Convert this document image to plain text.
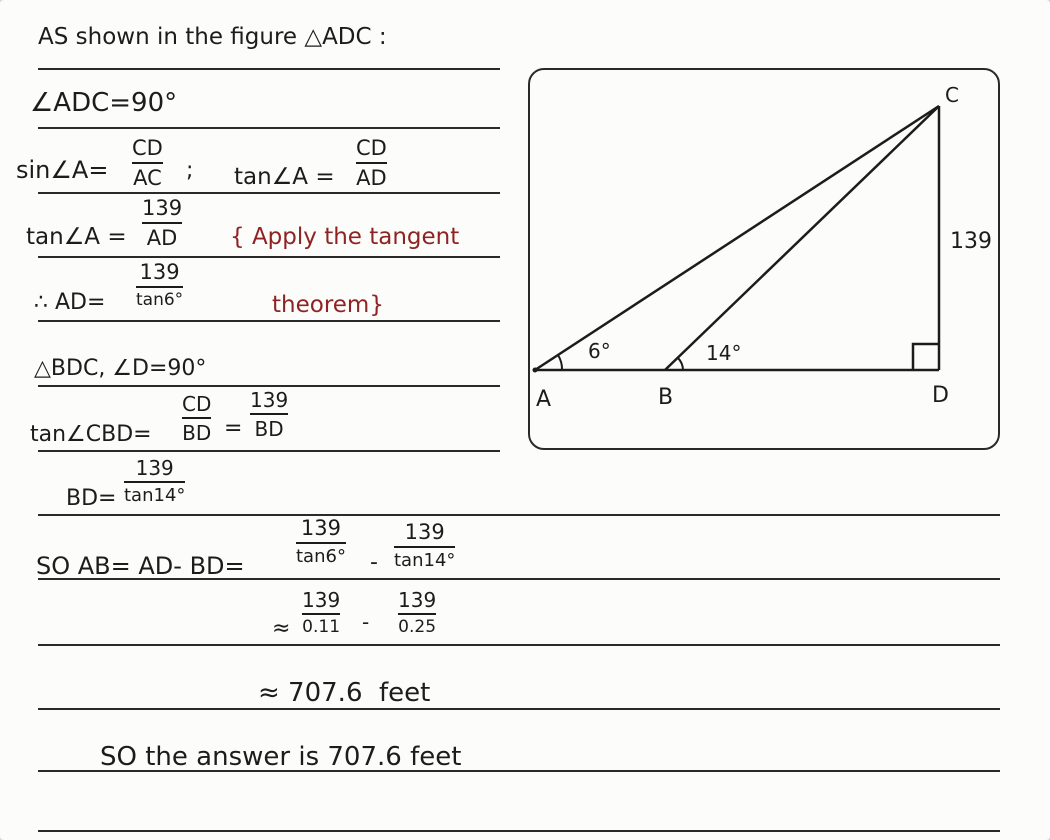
AS shown in the figure △ADC :
∠ADC=90°
sin∠A=
CD
AC ; tan∠A =
CD
AD
tan∠A =
139
AD { Apply the tangent
∴ AD=
139
tan6°	theorem}
△BDC, ∠D=90°
tan∠CBD=
CD
BD =
139
BD
BD=
139
tan14°
SO AB= AD- BD=
139
tan6° -
139
tan14°
≈
139
0.11 -
139
0.25
≈ 707.6  feet
SO the answer is 707.6 feet
A	B
C
D
139
6°	14°
